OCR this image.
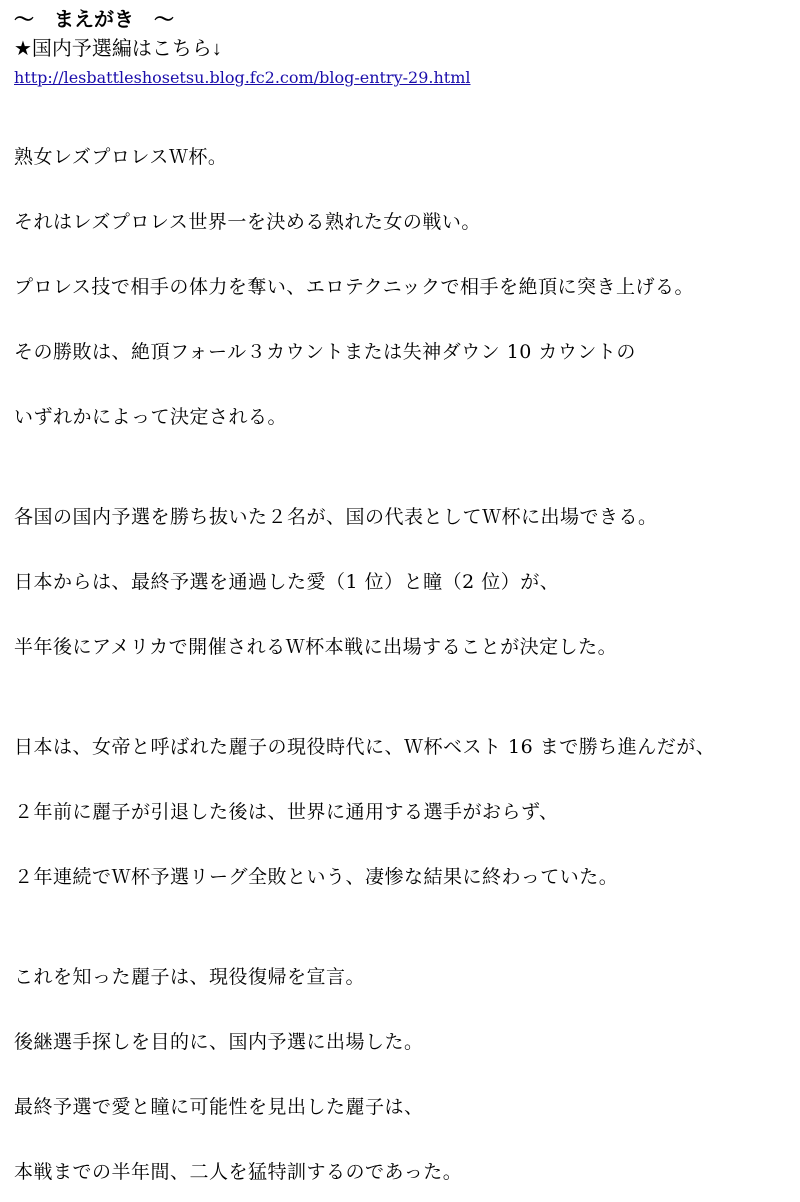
～　まえがき　～
★国内予選編はこちら↓
http://lesbattleshosetsu.blog.fc2.com/blog-entry-29.html
熟女レズプロレスＷ杯。
それはレズプロレス世界一を決める熟れた女の戦い。
プロレス技で相手の体力を奪い、エロテクニックで相手を絶頂に突き上げる。
その勝敗は、絶頂フォール３カウントまたは失神ダウン 10 カウントの
いずれかによって決定される。
各国の国内予選を勝ち抜いた２名が、国の代表としてＷ杯に出場できる。
日本からは、最終予選を通過した愛（1 位）と瞳（2 位）が、
半年後にアメリカで開催されるＷ杯本戦に出場することが決定した。
日本は、女帝と呼ばれた麗子の現役時代に、Ｗ杯ベスト 16 まで勝ち進んだが、
２年前に麗子が引退した後は、世界に通用する選手がおらず、
２年連続でＷ杯予選リーグ全敗という、凄惨な結果に終わっていた。
これを知った麗子は、現役復帰を宣言。
後継選手探しを目的に、国内予選に出場した。
最終予選で愛と瞳に可能性を見出した麗子は、
本戦までの半年間、二人を猛特訓するのであった。
